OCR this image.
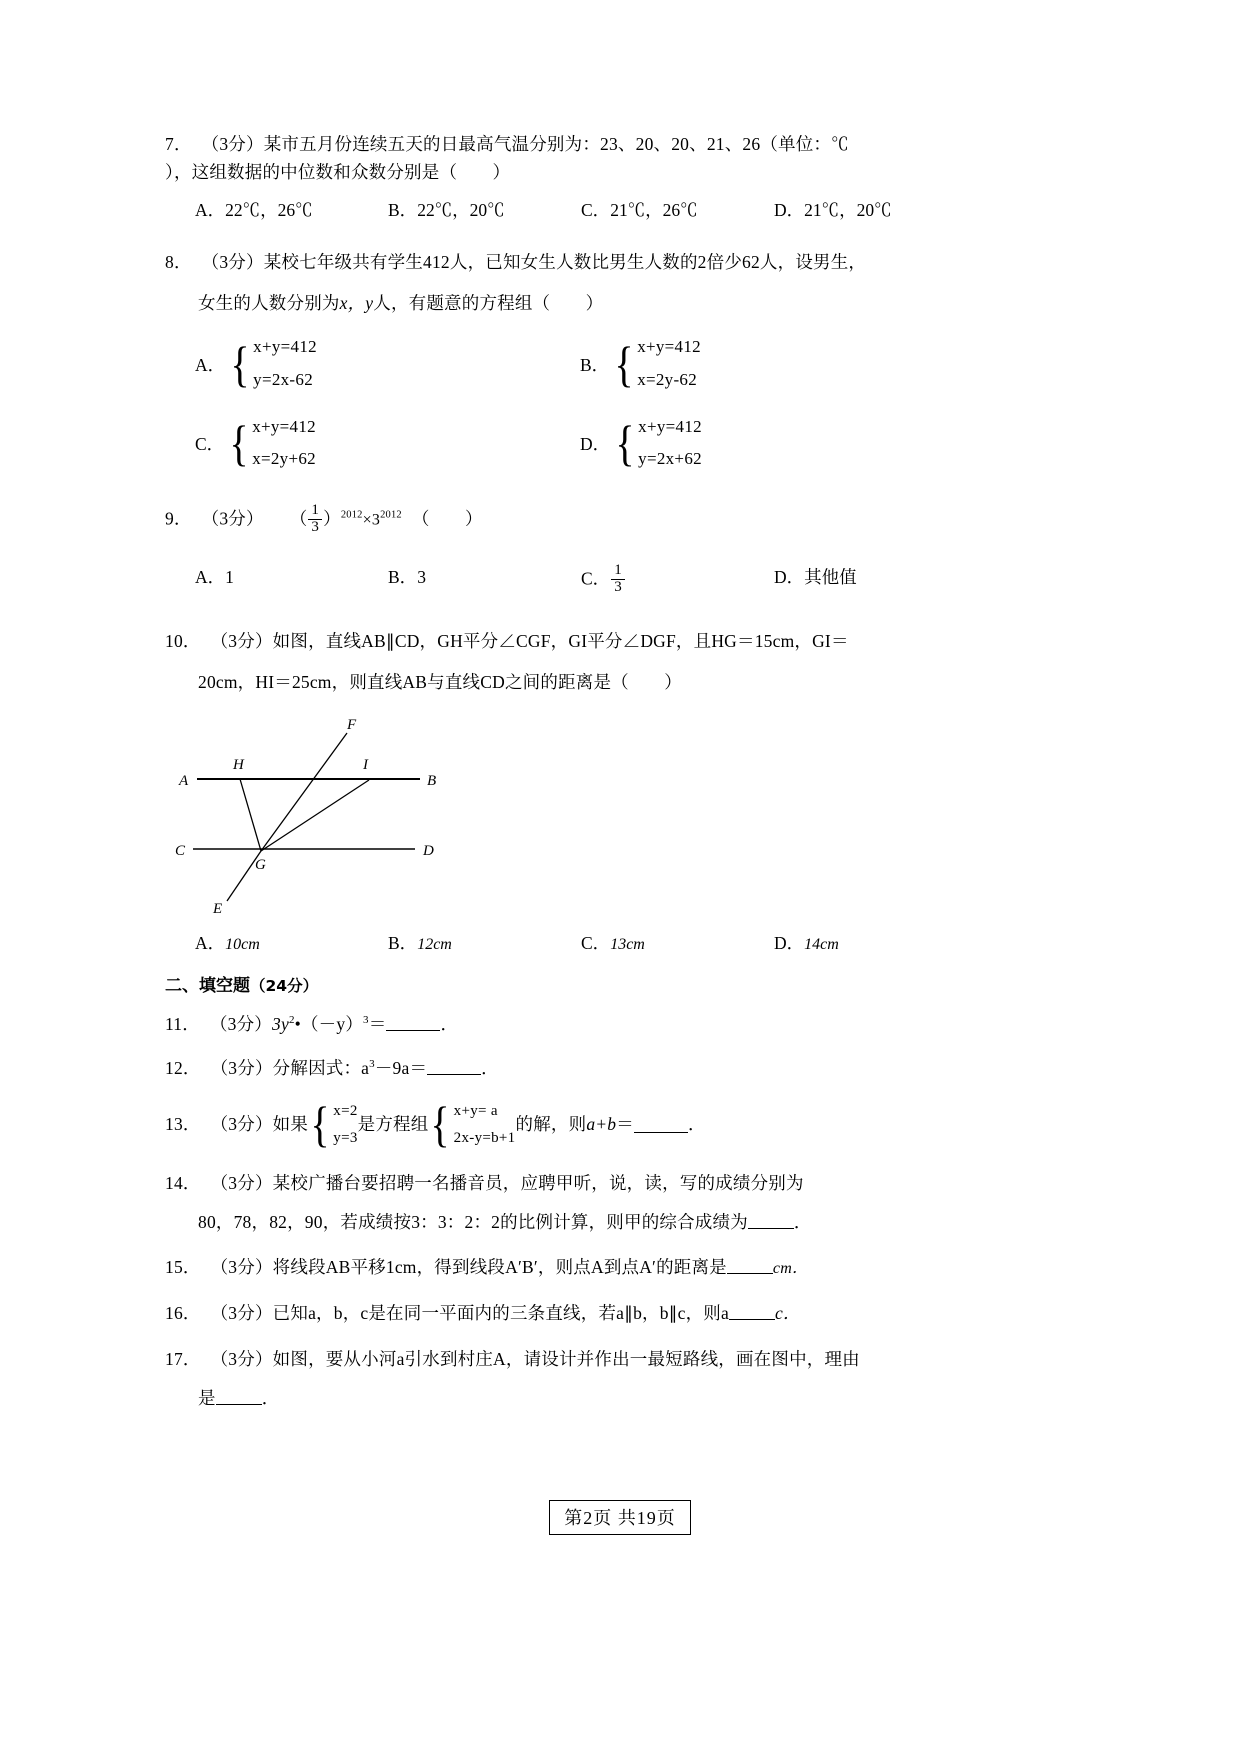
7． （3分）某市五月份连续五天的日最高气温分别为：23、20、20、21、26（单位：℃
），这组数据的中位数和众数分别是（　　）
A．22℃，26℃	B．22℃，20℃	C．21℃，26℃	D．21℃，20℃
8． （3分）某校七年级共有学生412人，已知女生人数比男生人数的2倍少62人，设男生，
女生的人数分别为x，y人，有题意的方程组（　　）
A． { x+y=412
y=2x-62
B． { x+y=412
x=2y-62
C． { x+y=412
x=2y+62
D． { x+y=412
y=2x+62
9． （3分） （ $\frac{1}{3} )^{2012}\times 3^{2012}$ （　　）
A．1	B．3	C． $\frac{1}{3}$	D．其他值
10． （3分）如图，直线AB∥CD，GH平分∠CGF，GI平分∠DGF，且HG＝15cm，GI＝
20cm，HI＝25cm，则直线AB与直线CD之间的距离是（　　）
A	B
C	D
H	I
F
G
E
A．10cm	B．12cm	C．13cm	D．14cm
二、填空题（24分）
11． （3分）$3y^2•(-y)^3=$	．
12． （3分）分解因式：$a^3-9a=$	．
13． （3分） 如果 { x=2
y=3
是方程组 { x+y= a
2x-y=b+1
的解，则 a+b ＝	．
14． （3分）某校广播台要招聘一名播音员，应聘甲听，说，读，写的成绩分别为
80，78，82，90，若成绩按3：3：2：2的比例计算，则甲的综合成绩为	．
15． （3分）将线段AB平移1cm，得到线段A′B′，则点A到点A′的距离是	cm．
16． （3分）已知a，b，c是在同一平面内的三条直线，若a∥b，b∥c，则a	c．
17． （3分）如图，要从小河a引水到村庄A，请设计并作出一最短路线，画在图中，理由
是	．
第2页 共19页
